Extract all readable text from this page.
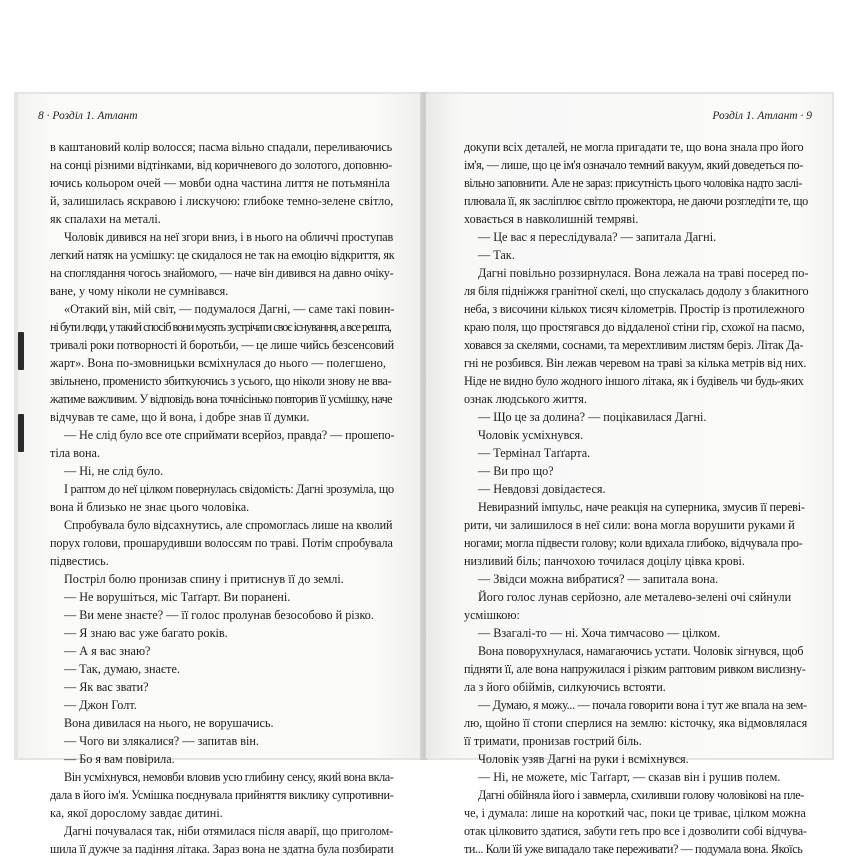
8 · Розділ 1. Атлант
в каштановий колір волосся; пасма вільно спадали, переливаючись
на сонці різними відтінками, від коричневого до золотого, доповню-
ючись кольором очей — мовби одна частина лиття не потьмяніла
й, залишилась яскравою і лискучою: глибоке темно-зелене світло,
як спалахи на металі.
Чоловік дивився на неї згори вниз, і в нього на обличчі проступав
легкий натяк на усмішку: це скидалося не так на емоцію відкриття, як
на споглядання чогось знайомого, — наче він дивився на давно очіку-
ване, у чому ніколи не сумнівався.
«Отакий він, мій світ, — подумалося Дагні, — саме такі повин-
ні бути люди, у такий спосіб вони мусять зустрічати своє існування, а все решта,
тривалі роки потворності й боротьби, — це лише чийсь безсенсовий
жарт». Вона по-змовницьки всміхнулася до нього — полегшено,
звільнено, променисто збиткуючись з усього, що ніколи знову не вва-
жатиме важливим. У відповідь вона точнісінько повторив її усмішку, наче
відчував те саме, що й вона, і добре знав її думки.
— Не слід було все оте сприймати всерйоз, правда? — прошепо-
тіла вона.
— Ні, не слід було.
І раптом до неї цілком повернулась свідомість: Дагні зрозуміла, що
вона й близько не знає цього чоловіка.
Спробувала було відсахнутись, але спромоглась лише на кволий
порух голови, прошарудивши волоссям по траві. Потім спробувала
підвестись.
Постріл болю пронизав спину і притиснув її до землі.
— Не ворушіться, міс Таґґарт. Ви поранені.
— Ви мене знаєте? — її голос пролунав безособово й різко.
— Я знаю вас уже багато років.
— А я вас знаю?
— Так, думаю, знаєте.
— Як вас звати?
— Джон Голт.
Вона дивилася на нього, не ворушачись.
— Чого ви злякалися? — запитав він.
— Бо я вам повірила.
Він усміхнувся, немовби вловив усю глибину сенсу, який вона вкла-
дала в його ім'я. Усмішка поєднувала прийняття виклику супротивни-
ка, якої дорослому завдає дитині.
Дагні почувалася так, ніби отямилася після аварії, що приголом-
шила її дужче за падіння літака. Зараз вона не здатна була позбирати
Розділ 1. Атлант · 9
докупи всіх деталей, не могла пригадати те, що вона знала про його
ім'я, — лише, що це ім'я означало темний вакуум, який доведеться по-
вільно заповнити. Але не зараз: присутність цього чоловіка надто заслі-
плювала її, як засліплює світло прожектора, не даючи розгледіти те, що
ховається в навколишній темряві.
— Це вас я переслідувала? — запитала Дагні.
— Так.
Дагні повільно роззирнулася. Вона лежала на траві посеред по-
ля біля підніжжя гранітної скелі, що спускалась додолу з блакитного
неба, з височини кількох тисяч кілометрів. Простір із протилежного
краю поля, що простягався до віддаленої стіни гір, схожої на пасмо,
ховався за скелями, соснами, та мерехтливим листям беріз. Літак Да-
гні не розбився. Він лежав черевом на траві за кілька метрів від них.
Ніде не видно було жодного іншого літака, як і будівель чи будь-яких
ознак людського життя.
— Що це за долина? — поцікавилася Дагні.
Чоловік усміхнувся.
— Термінал Таґґарта.
— Ви про що?
— Невдовзі довідаєтеся.
Невиразний імпульс, наче реакція на суперника, змусив її переві-
рити, чи залишилося в неї сили: вона могла ворушити руками й
ногами; могла підвести голову; коли вдихала глибоко, відчувала про-
низливий біль; панчохою точилася доцілу цівка крові.
— Звідси можна вибратися? — запитала вона.
Його голос лунав серйозно, але металево-зелені очі сяйнули
усмішкою:
— Взагалі-то — ні. Хоча тимчасово — цілком.
Вона поворухнулася, намагаючись устати. Чоловік зігнувся, щоб
підняти її, але вона напружилася і різким раптовим ривком вислизну-
ла з його обіймів, силкуючись встояти.
— Думаю, я можу... — почала говорити вона і тут же впала на зем-
лю, щойно її стопи сперлися на землю: кісточку, яка відмовлялася
її тримати, пронизав гострий біль.
Чоловік узяв Дагні на руки і всміхнувся.
— Ні, не можете, міс Таґґарт, — сказав він і рушив полем.
Дагні обійняла його і завмерла, схиливши голову чоловікові на пле-
че, і думала: лише на короткий час, поки це триває, цілком можна
отак цілковито здатися, забути геть про все і дозволити собі відчува-
ти... Коли їй уже випадало таке переживати? — подумала вона. Якоїсь
